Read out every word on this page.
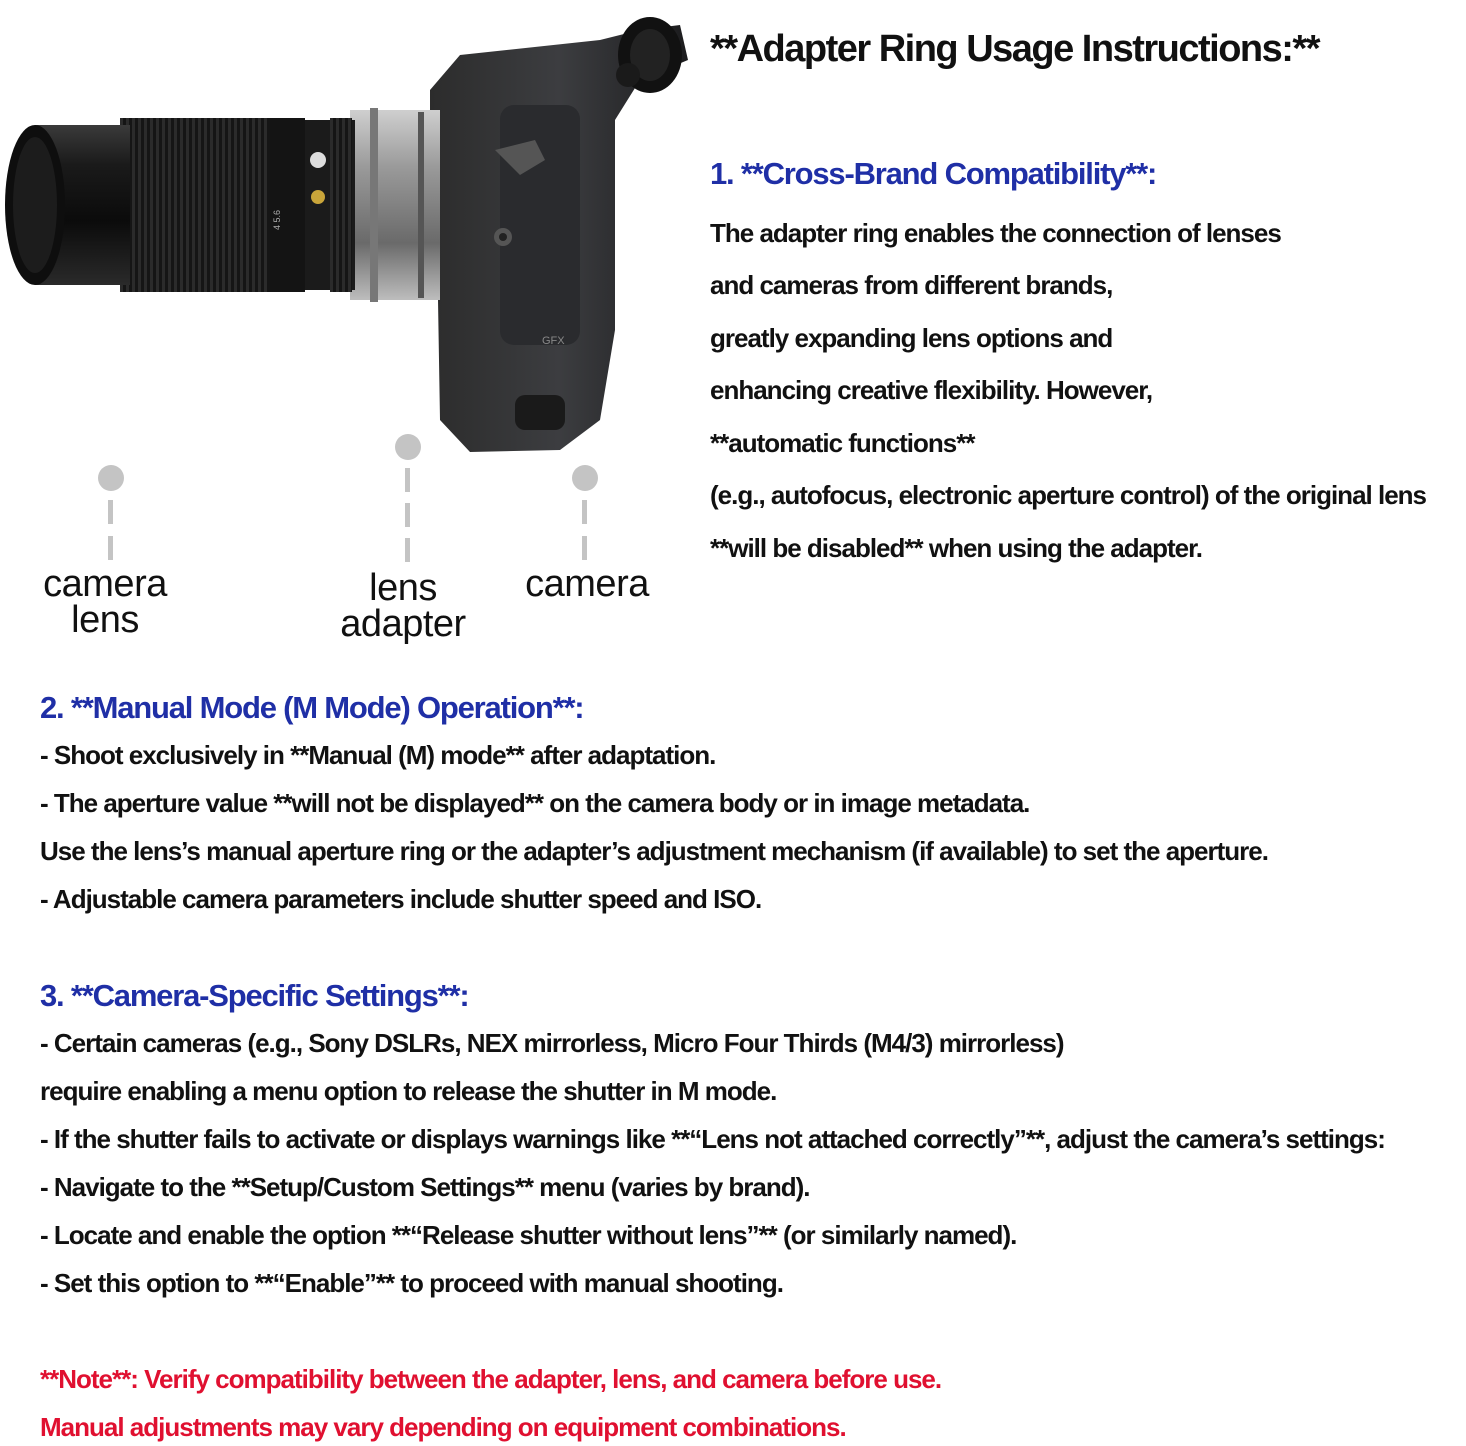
GFX
4 5.6
camera
lens
lens
adapter
camera
**Adapter Ring Usage Instructions:**
1. **Cross-Brand Compatibility**:
The adapter ring enables the connection of lenses
and cameras from different brands,
greatly expanding lens options and
enhancing creative flexibility. However,
**automatic functions**
(e.g., autofocus, electronic aperture control) of the original lens
**will be disabled** when using the adapter.
2. **Manual Mode (M Mode) Operation**:
- Shoot exclusively in **Manual (M) mode** after adaptation.
- The aperture value **will not be displayed** on the camera body or in image metadata.
Use the lens’s manual aperture ring or the adapter’s adjustment mechanism (if available) to set the aperture.
- Adjustable camera parameters include shutter speed and ISO.
3. **Camera-Specific Settings**:
- Certain cameras (e.g., Sony DSLRs, NEX mirrorless, Micro Four Thirds (M4/3) mirrorless)
require enabling a menu option to release the shutter in M mode.
- If the shutter fails to activate or displays warnings like **“Lens not attached correctly”**, adjust the camera’s settings:
- Navigate to the **Setup/Custom Settings** menu (varies by brand).
- Locate and enable the option **“Release shutter without lens”** (or similarly named).
- Set this option to **“Enable”** to proceed with manual shooting.
**Note**: Verify compatibility between the adapter, lens, and camera before use.
Manual adjustments may vary depending on equipment combinations.
